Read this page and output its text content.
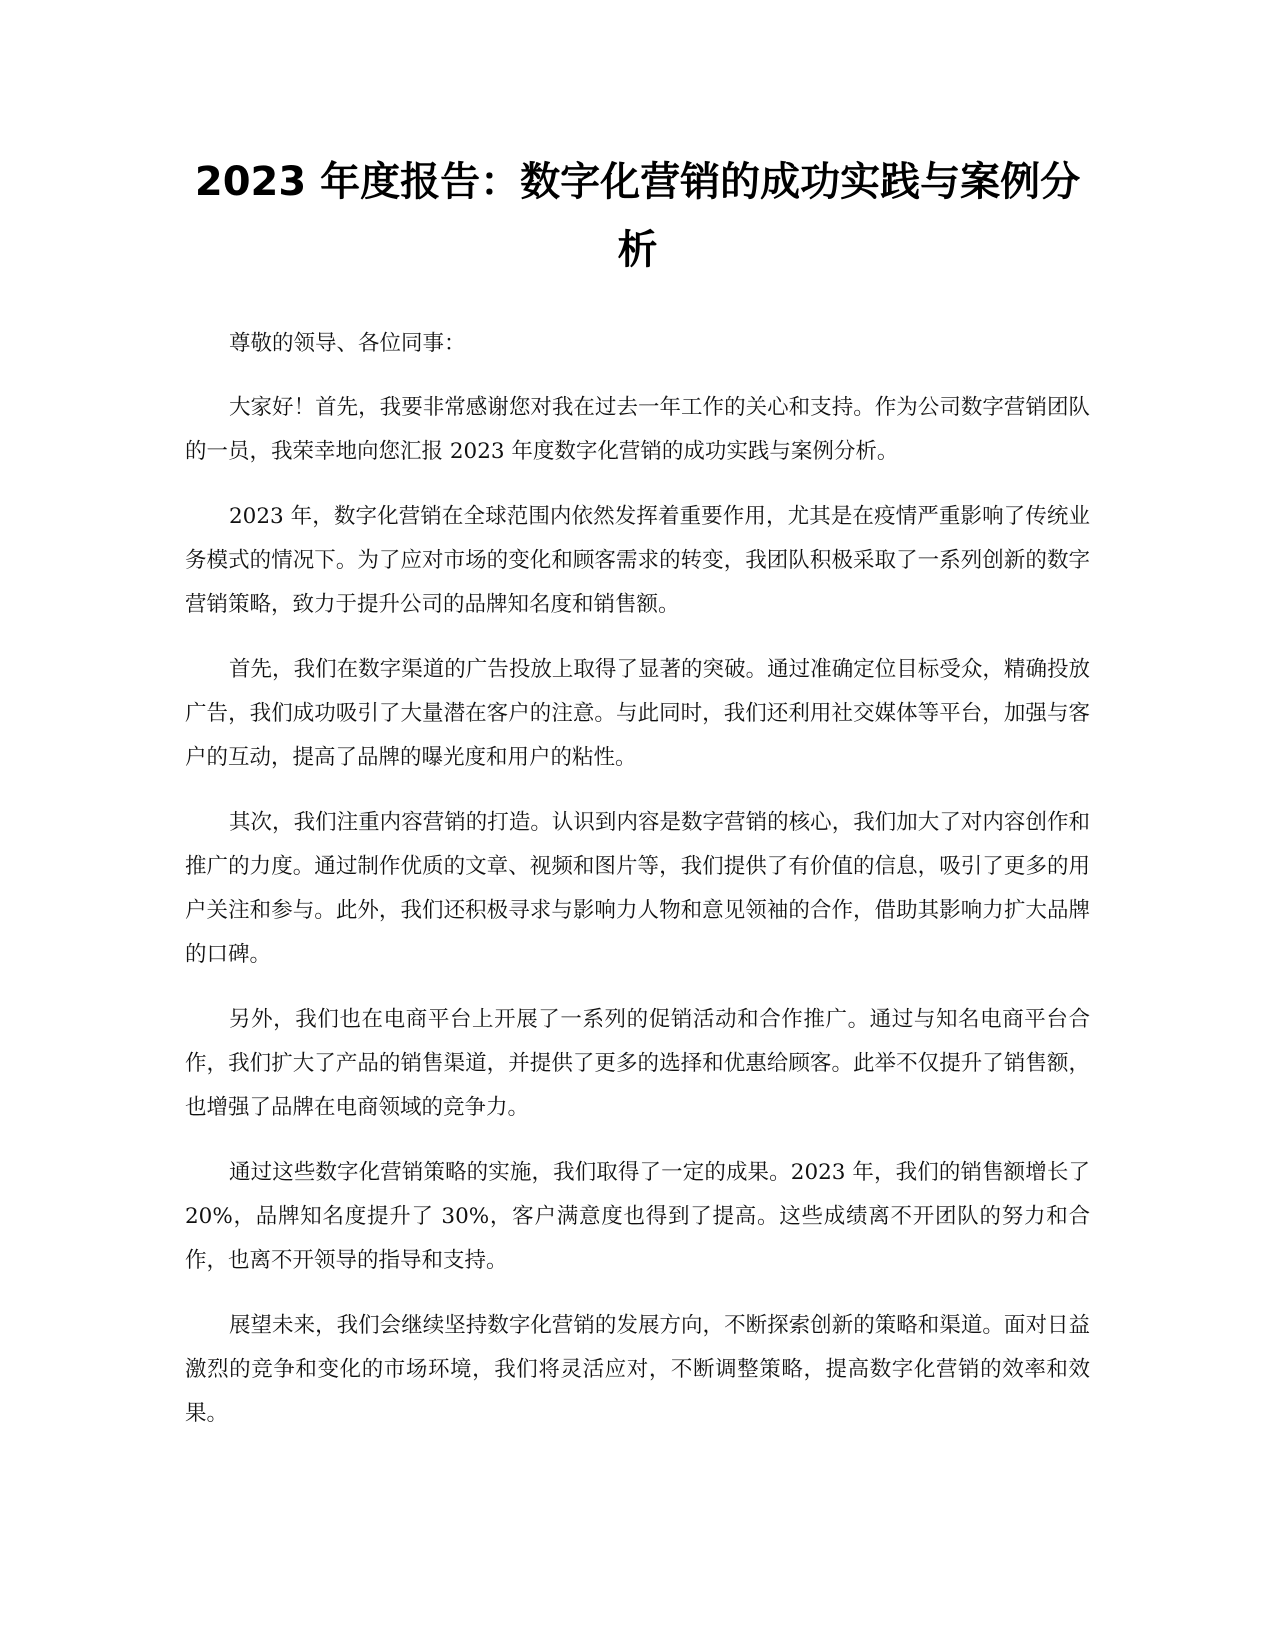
2023 年度报告：数字化营销的成功实践与案例分析

尊敬的领导、各位同事：

大家好！首先，我要非常感谢您对我在过去一年工作的关心和支持。作为公司数字营销团队的一员，我荣幸地向您汇报 2023 年度数字化营销的成功实践与案例分析。

2023 年，数字化营销在全球范围内依然发挥着重要作用，尤其是在疫情严重影响了传统业务模式的情况下。为了应对市场的变化和顾客需求的转变，我团队积极采取了一系列创新的数字营销策略，致力于提升公司的品牌知名度和销售额。

首先，我们在数字渠道的广告投放上取得了显著的突破。通过准确定位目标受众，精确投放广告，我们成功吸引了大量潜在客户的注意。与此同时，我们还利用社交媒体等平台，加强与客户的互动，提高了品牌的曝光度和用户的粘性。

其次，我们注重内容营销的打造。认识到内容是数字营销的核心，我们加大了对内容创作和推广的力度。通过制作优质的文章、视频和图片等，我们提供了有价值的信息，吸引了更多的用户关注和参与。此外，我们还积极寻求与影响力人物和意见领袖的合作，借助其影响力扩大品牌的口碑。

另外，我们也在电商平台上开展了一系列的促销活动和合作推广。通过与知名电商平台合作，我们扩大了产品的销售渠道，并提供了更多的选择和优惠给顾客。此举不仅提升了销售额，也增强了品牌在电商领域的竞争力。

通过这些数字化营销策略的实施，我们取得了一定的成果。2023 年，我们的销售额增长了 20%，品牌知名度提升了 30%，客户满意度也得到了提高。这些成绩离不开团队的努力和合作，也离不开领导的指导和支持。

展望未来，我们会继续坚持数字化营销的发展方向，不断探索创新的策略和渠道。面对日益激烈的竞争和变化的市场环境，我们将灵活应对，不断调整策略，提高数字化营销的效率和效果。
